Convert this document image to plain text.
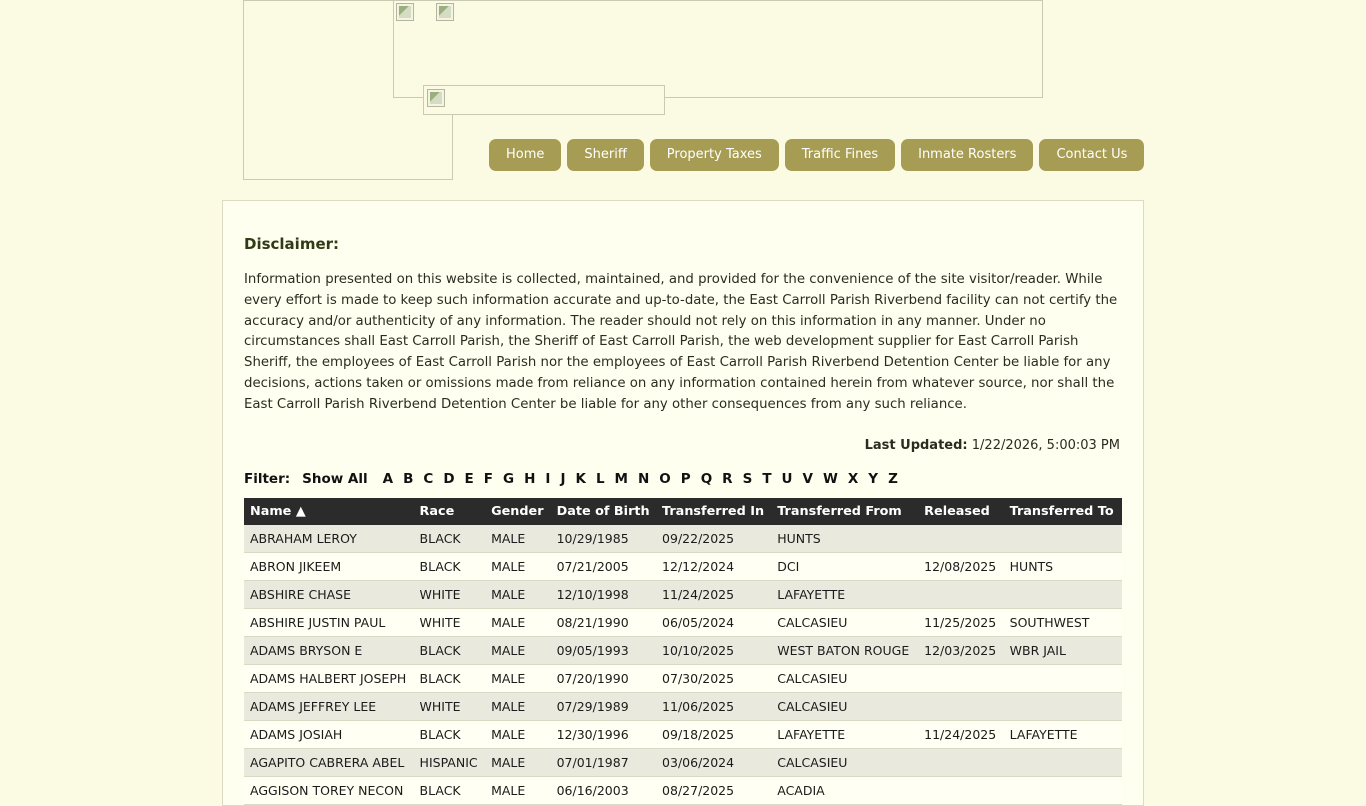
Home	Sheriff	Property Taxes	Traffic Fines	Inmate Rosters	Contact Us
Disclaimer:
Information presented on this website is collected, maintained, and provided for the convenience of the site visitor/reader. While every effort is made to keep such information accurate and up-to-date, the East Carroll Parish Riverbend facility can not certify the accuracy and/or authenticity of any information. The reader should not rely on this information in any manner. Under no circumstances shall East Carroll Parish, the Sheriff of East Carroll Parish, the web development supplier for East Carroll Parish Sheriff, the employees of East Carroll Parish nor the employees of East Carroll Parish Riverbend Detention Center be liable for any decisions, actions taken or omissions made from reliance on any information contained herein from whatever source, nor shall the East Carroll Parish Riverbend Detention Center be liable for any other consequences from any such reliance.
Last Updated: 1/22/2026, 5:00:03 PM
Filter: Show All	A B C D E F G H I J K L M N O P Q R S T U V W X Y Z
Name ▲	Race	Gender	Date of Birth	Transferred In	Transferred From	Released	Transferred To
ABRAHAM LEROY	BLACK	MALE	10/29/1985	09/22/2025	HUNTS		
ABRON JIKEEM	BLACK	MALE	07/21/2005	12/12/2024	DCI	12/08/2025	HUNTS
ABSHIRE CHASE	WHITE	MALE	12/10/1998	11/24/2025	LAFAYETTE		
ABSHIRE JUSTIN PAUL	WHITE	MALE	08/21/1990	06/05/2024	CALCASIEU	11/25/2025	SOUTHWEST
ADAMS BRYSON E	BLACK	MALE	09/05/1993	10/10/2025	WEST BATON ROUGE	12/03/2025	WBR JAIL
ADAMS HALBERT JOSEPH	BLACK	MALE	07/20/1990	07/30/2025	CALCASIEU		
ADAMS JEFFREY LEE	WHITE	MALE	07/29/1989	11/06/2025	CALCASIEU		
ADAMS JOSIAH	BLACK	MALE	12/30/1996	09/18/2025	LAFAYETTE	11/24/2025	LAFAYETTE
AGAPITO CABRERA ABEL	HISPANIC	MALE	07/01/1987	03/06/2024	CALCASIEU		
AGGISON TOREY NECON	BLACK	MALE	06/16/2003	08/27/2025	ACADIA		
